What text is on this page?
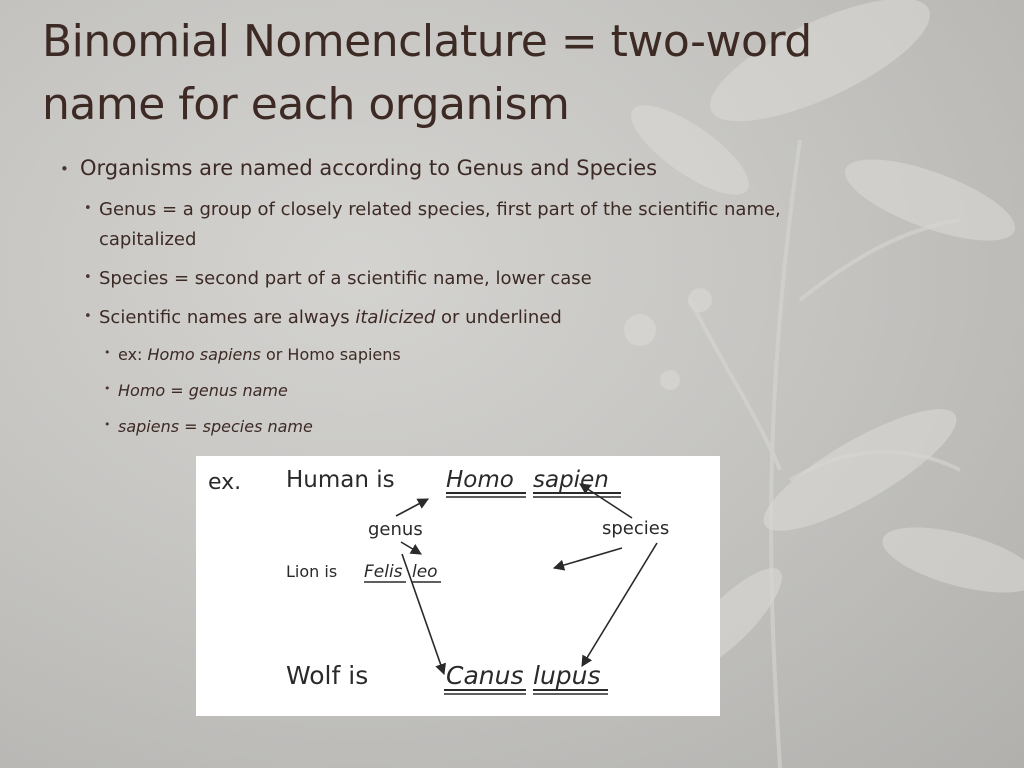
Binomial Nomenclature = two-word
name for each organism
• Organisms are named according to Genus and Species
• Genus = a group of closely related species, first part of the scientific name,
capitalized
• Species = second part of a scientific name, lower case
• Scientific names are always italicized or underlined
• ex: Homo sapiens or Homo sapiens
• Homo = genus name
• sapiens = species name
ex. Human is Homo sapien
genus	species
Lion is Felis leo
Wolf is	Canus lupus
